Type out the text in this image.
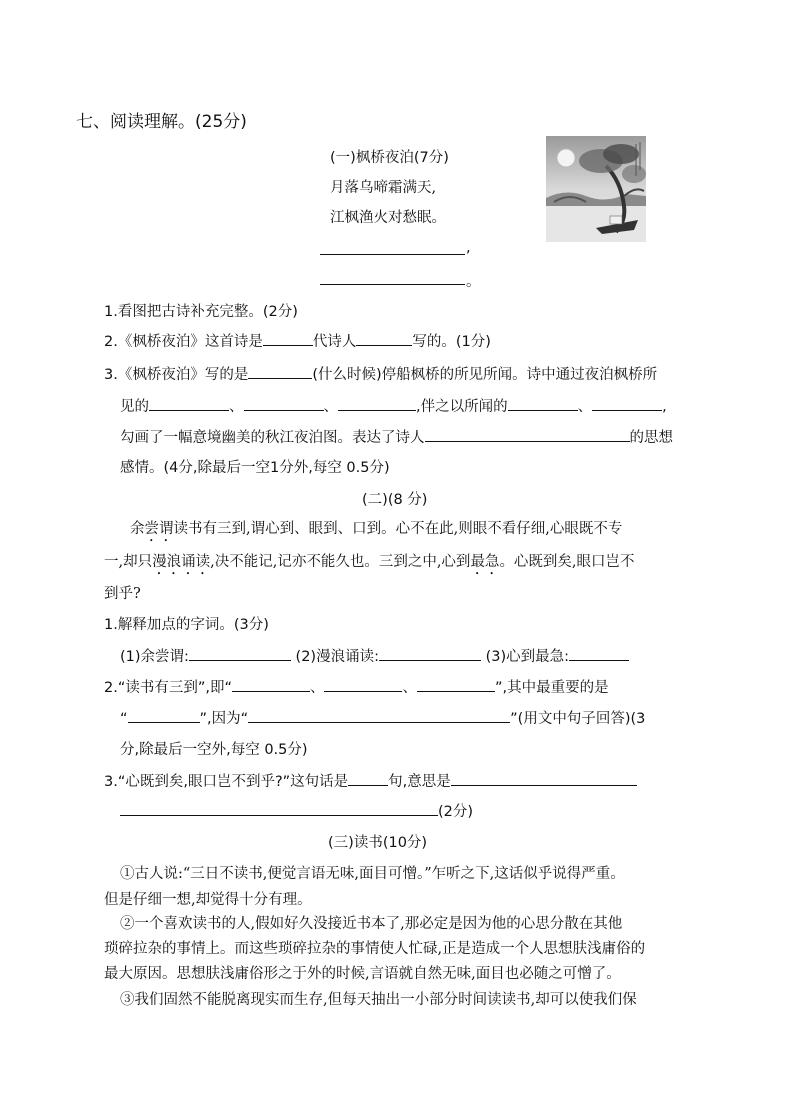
七、阅读理解。(25分)
(一)枫桥夜泊(7分)
月落乌啼霜满天,
江枫渔火对愁眠。
,
。
1.看图把古诗补充完整。(2分)
2.《枫桥夜泊》这首诗是	代诗人	写的。(1分)
3.《枫桥夜泊》写的是	(什么时候)停船枫桥的所见所闻。诗中通过夜泊枫桥所
见的	、	、	,伴之以所闻的	、	,
勾画了一幅意境幽美的秋江夜泊图。表达了诗人	的思想
感情。(4分,除最后一空1分外,每空 0.5分)
(二)(8 分)
余尝谓读书有三到,谓心到、眼到、口到。心不在此,则眼不看仔细,心眼既不专
一,却只漫浪诵读,决不能记,记亦不能久也。三到之中,心到最急。心既到矣,眼口岂不
到乎?
1.解释加点的字词。(3分)
(1)余尝谓:	(2)漫浪诵读:	(3)心到最急:
2.“读书有三到”,即“	、	、	”,其中最重要的是
“	”,因为“	”(用文中句子回答)(3
分,除最后一空外,每空 0.5分)
3.“心既到矣,眼口岂不到乎?”这句话是	句,意思是
(2分)
(三)读书(10分)
①古人说:“三日不读书,便觉言语无味,面目可憎。”乍听之下,这话似乎说得严重。
但是仔细一想,却觉得十分有理。
②一个喜欢读书的人,假如好久没接近书本了,那必定是因为他的心思分散在其他
琐碎拉杂的事情上。而这些琐碎拉杂的事情使人忙碌,正是造成一个人思想肤浅庸俗的
最大原因。思想肤浅庸俗形之于外的时候,言语就自然无味,面目也必随之可憎了。
③我们固然不能脱离现实而生存,但每天抽出一小部分时间读读书,却可以使我们保
